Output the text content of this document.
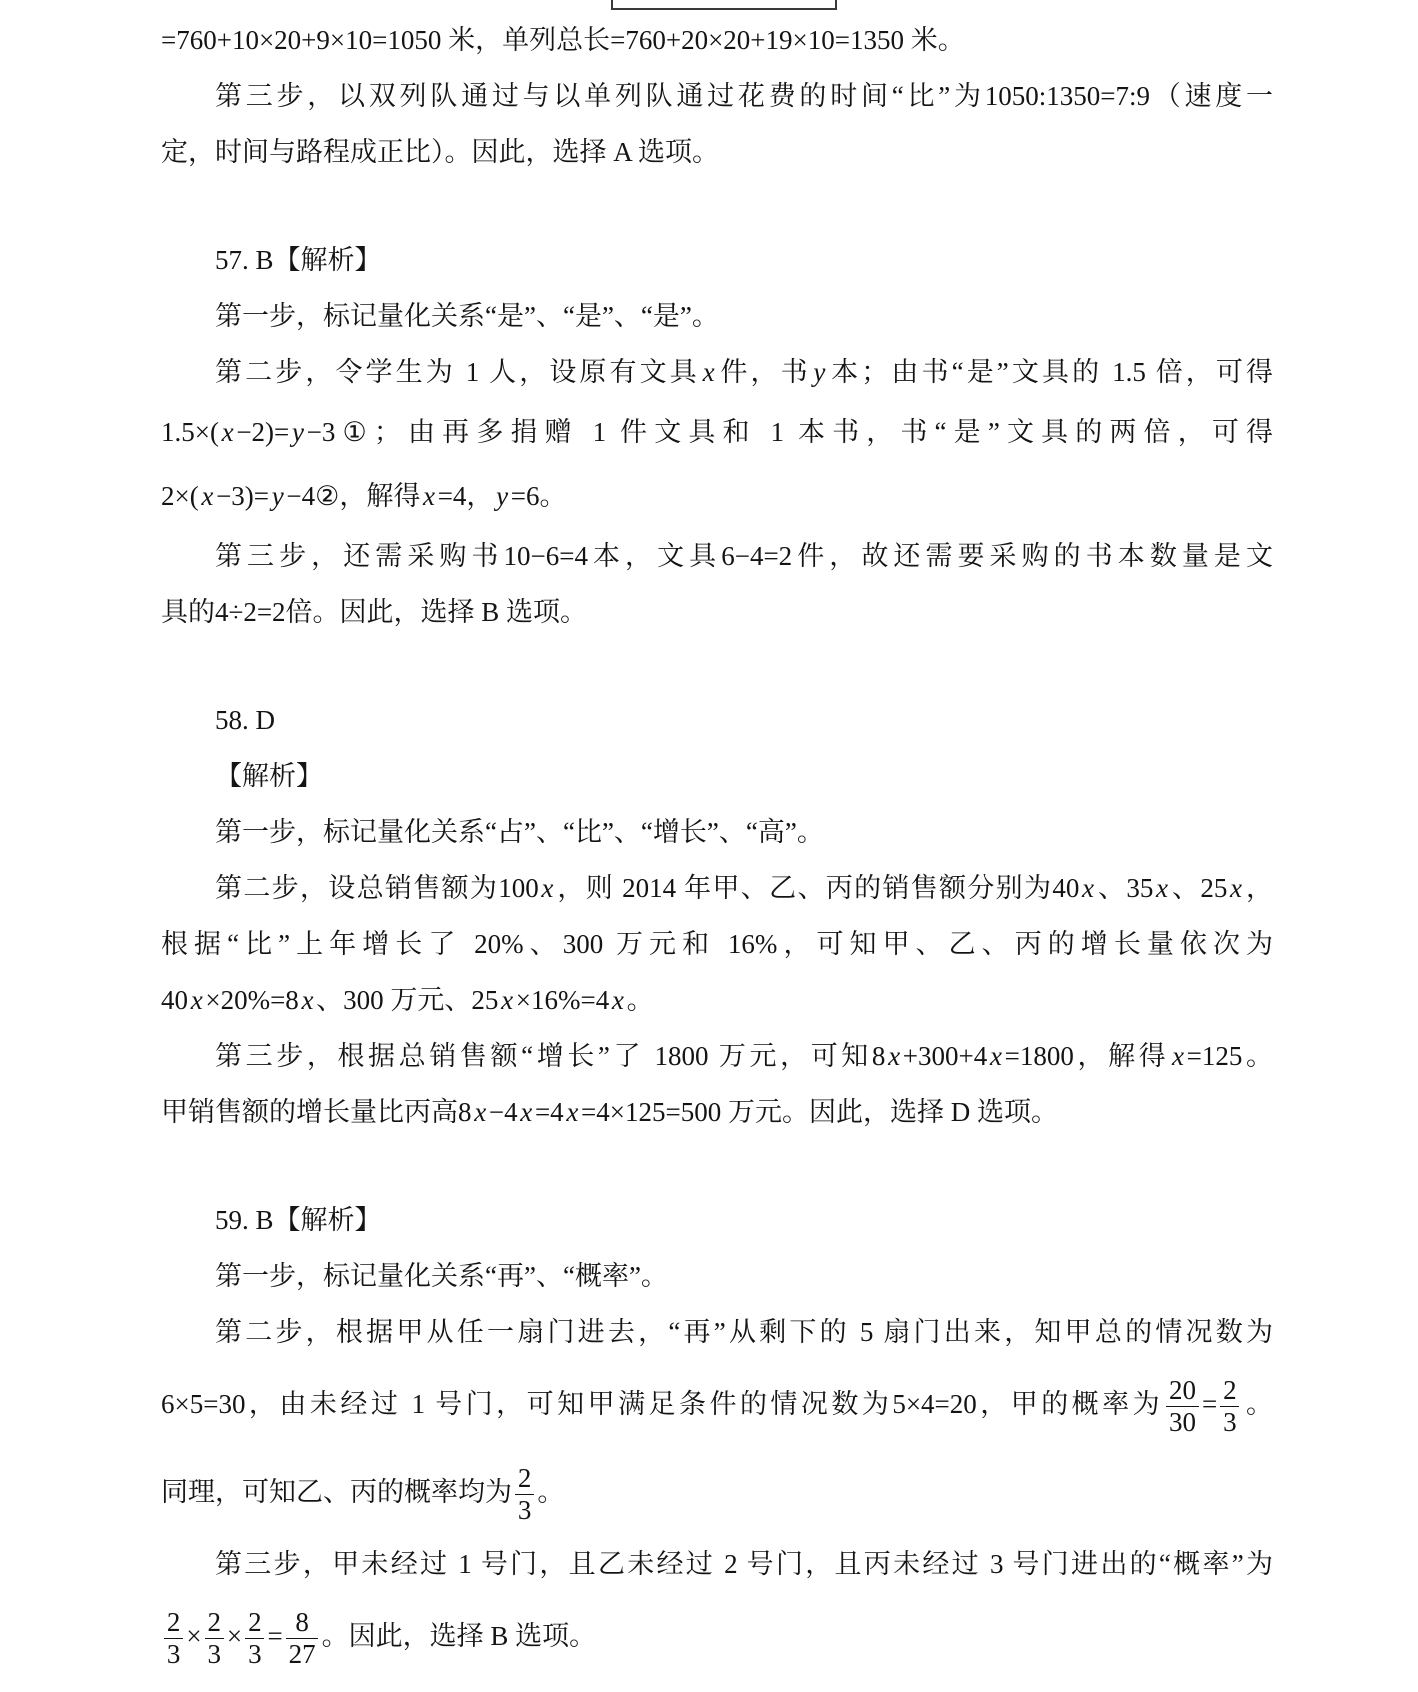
=760+10×20+9×10=1050 米，单列总长=760+20×20+19×10=1350 米。
第三步，以双列队通过与以单列队通过花费的时间“比”为1050:1350=7:9（速度一
定，时间与路程成正比）。因此，选择 A 选项。
57. B【解析】
第一步，标记量化关系“是”、“是”、“是”。
第二步，令学生为 1 人，设原有文具x件，书y本；由书“是”文具的 1.5 倍，可得
1.5×(x−2)=y−3①；由再多捐赠 1 件文具和 1 本书，书“是”文具的两倍，可得
2×(x−3)=y−4②，解得x=4，y=6。
第三步，还需采购书10−6=4本，文具6−4=2件，故还需要采购的书本数量是文
具的4÷2=2倍。因此，选择 B 选项。
58. D
【解析】
第一步，标记量化关系“占”、“比”、“增长”、“高”。
第二步，设总销售额为100x，则 2014 年甲、乙、丙的销售额分别为40x、35x、25x，
根据“比”上年增长了 20%、300 万元和 16%，可知甲、乙、丙的增长量依次为
40x×20%=8x、300 万元、25x×16%=4x。
第三步，根据总销售额“增长”了 1800 万元，可知8x+300+4x=1800，解得x=125。
甲销售额的增长量比丙高8x−4x=4x=4×125=500 万元。因此，选择 D 选项。
59. B【解析】
第一步，标记量化关系“再”、“概率”。
第二步，根据甲从任一扇门进去，“再”从剩下的 5 扇门出来，知甲总的情况数为
6×5=30，由未经过 1 号门，可知甲满足条件的情况数为5×4=20，甲的概率为 $\frac{20}{30} = \frac{2}{3}$ 。
同理，可知乙、丙的概率均为 $\frac{2}{3}$ 。
第三步，甲未经过 1 号门，且乙未经过 2 号门，且丙未经过 3 号门进出的“概率”为
$\frac{2}{3} \times \frac{2}{3} \times \frac{2}{3} = \frac{8}{27}$ 。因此，选择 B 选项。
